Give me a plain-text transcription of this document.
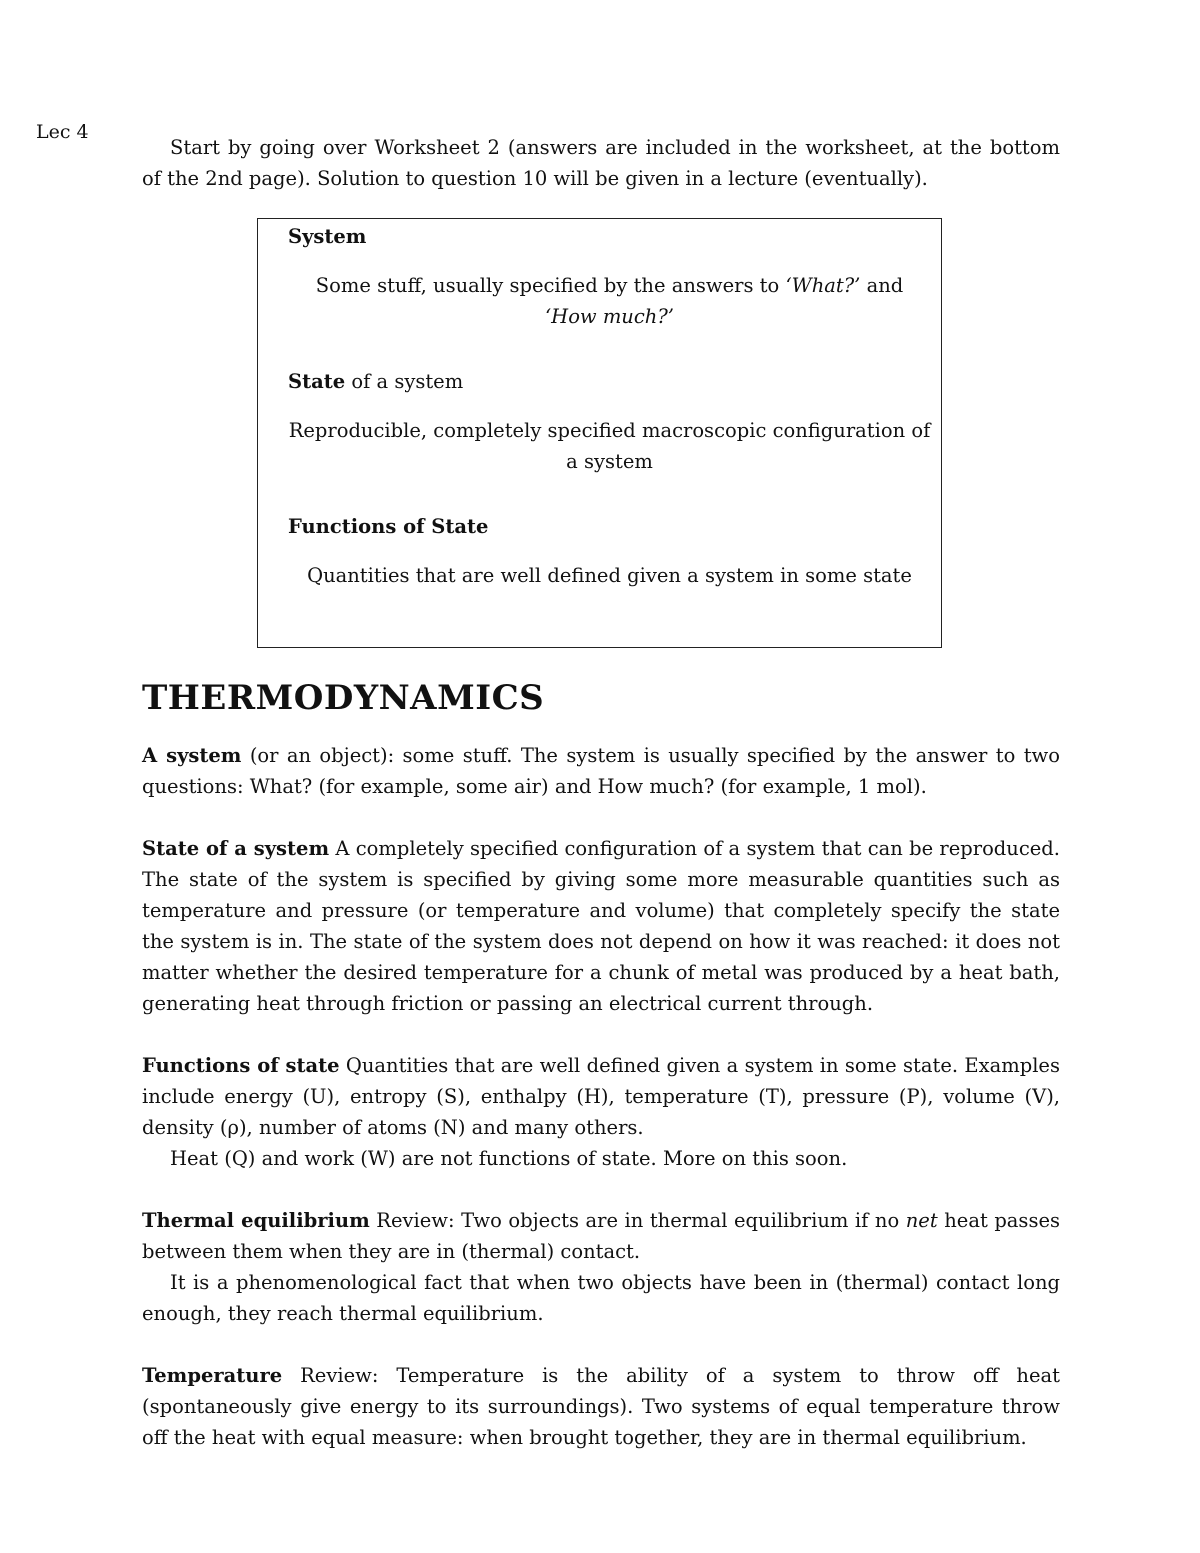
Lec 4

Start by going over Worksheet 2 (answers are included in the worksheet, at the bottom of the 2nd page). Solution to question 10 will be given in a lecture (eventually).

System

Some stuff, usually specified by the answers to ‘What?’ and ‘How much?’

State of a system

Reproducible, completely specified macroscopic configuration of a system

Functions of State

Quantities that are well defined given a system in some state

THERMODYNAMICS

A system (or an object): some stuff. The system is usually specified by the answer to two questions: What? (for example, some air) and How much? (for example, 1 mol).

State of a system A completely specified configuration of a system that can be reproduced. The state of the system is specified by giving some more measurable quantities such as temperature and pressure (or temperature and volume) that completely specify the state the system is in. The state of the system does not depend on how it was reached: it does not matter whether the desired temperature for a chunk of metal was produced by a heat bath, generating heat through friction or passing an electrical current through.

Functions of state Quantities that are well defined given a system in some state. Examples include energy (U), entropy (S), enthalpy (H), temperature (T), pressure (P), volume (V), density (ρ), number of atoms (N) and many others.

Heat (Q) and work (W) are not functions of state. More on this soon.

Thermal equilibrium Review: Two objects are in thermal equilibrium if no net heat passes between them when they are in (thermal) contact.

It is a phenomenological fact that when two objects have been in (thermal) contact long enough, they reach thermal equilibrium.

Temperature Review: Temperature is the ability of a system to throw off heat (spontaneously give energy to its surroundings). Two systems of equal temperature throw off the heat with equal measure: when brought together, they are in thermal equilibrium.
